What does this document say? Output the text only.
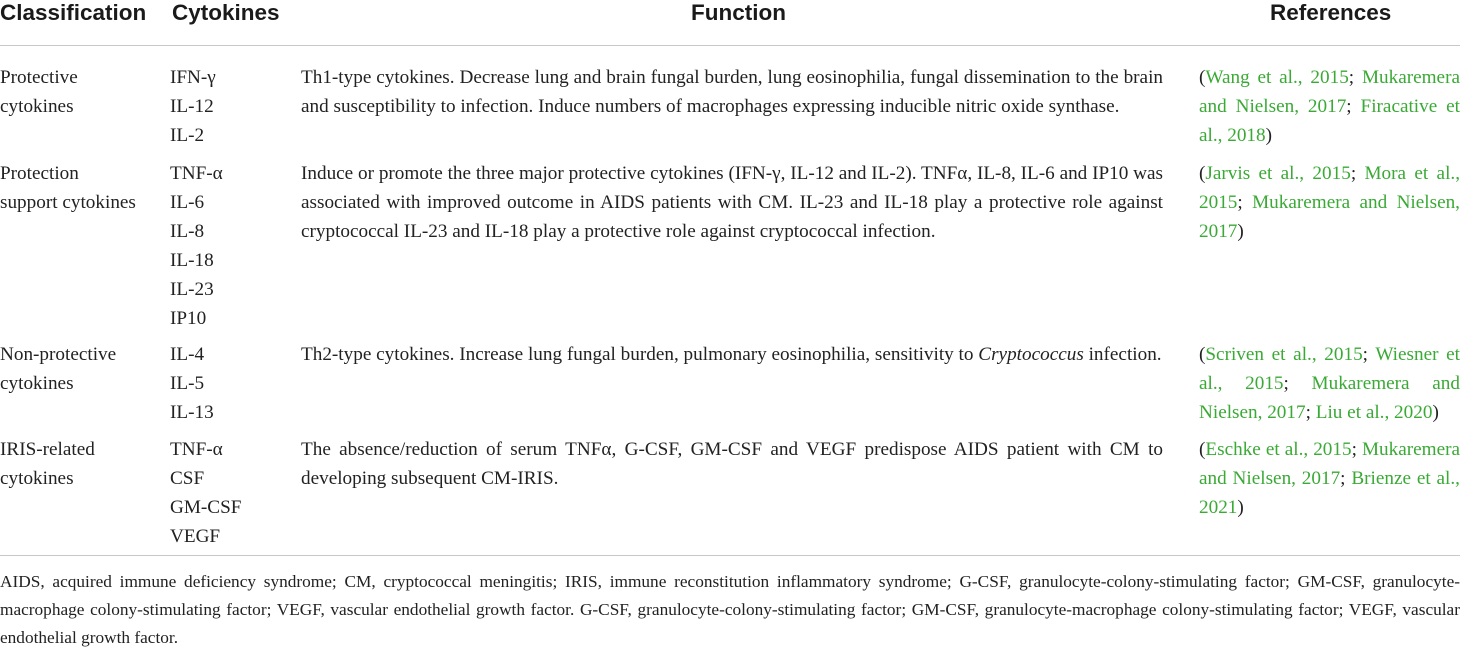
Classification Cytokines	Function	References
Protective
cytokines
IFN-γ
IL-12
IL-2
Th1-type cytokines. Decrease lung and brain fungal burden, lung eosinophilia, fungal dissemination to the brain and susceptibility to infection. Induce numbers of macrophages expressing inducible nitric oxide synthase.
(Wang et al., 2015; Mukaremera and Nielsen, 2017; Firacative et al., 2018)
Protection
support cytokines
TNF-α
IL-6
IL-8
IL-18
IL-23
IP10
Induce or promote the three major protective cytokines (IFN-γ, IL-12 and IL-2). TNFα, IL-8, IL-6 and IP10 was associated with improved outcome in AIDS patients with CM. IL-23 and IL-18 play a protective role against cryptococcal IL-23 and IL-18 play a protective role against cryptococcal infection.
(Jarvis et al., 2015; Mora et al., 2015; Mukaremera and Nielsen, 2017)
Non-protective
cytokines
IL-4
IL-5
IL-13
Th2-type cytokines. Increase lung fungal burden, pulmonary eosinophilia, sensitivity to Cryptococcus infection. (Scriven et al., 2015; Wiesner et al., 2015; Mukaremera and Nielsen, 2017; Liu et al., 2020)
IRIS-related
cytokines
TNF-α
CSF
GM-CSF
VEGF
The absence/reduction of serum TNFα, G-CSF, GM-CSF and VEGF predispose AIDS patient with CM to developing subsequent CM-IRIS.
(Eschke et al., 2015; Mukaremera and Nielsen, 2017; Brienze et al., 2021)
AIDS, acquired immune deficiency syndrome; CM, cryptococcal meningitis; IRIS, immune reconstitution inflammatory syndrome; G-CSF, granulocyte-colony-stimulating factor; GM-CSF, granulocyte-macrophage colony-stimulating factor; VEGF, vascular endothelial growth factor. G-CSF, granulocyte-colony-stimulating factor; GM-CSF, granulocyte-macrophage colony-stimulating factor; VEGF, vascular endothelial growth factor.
